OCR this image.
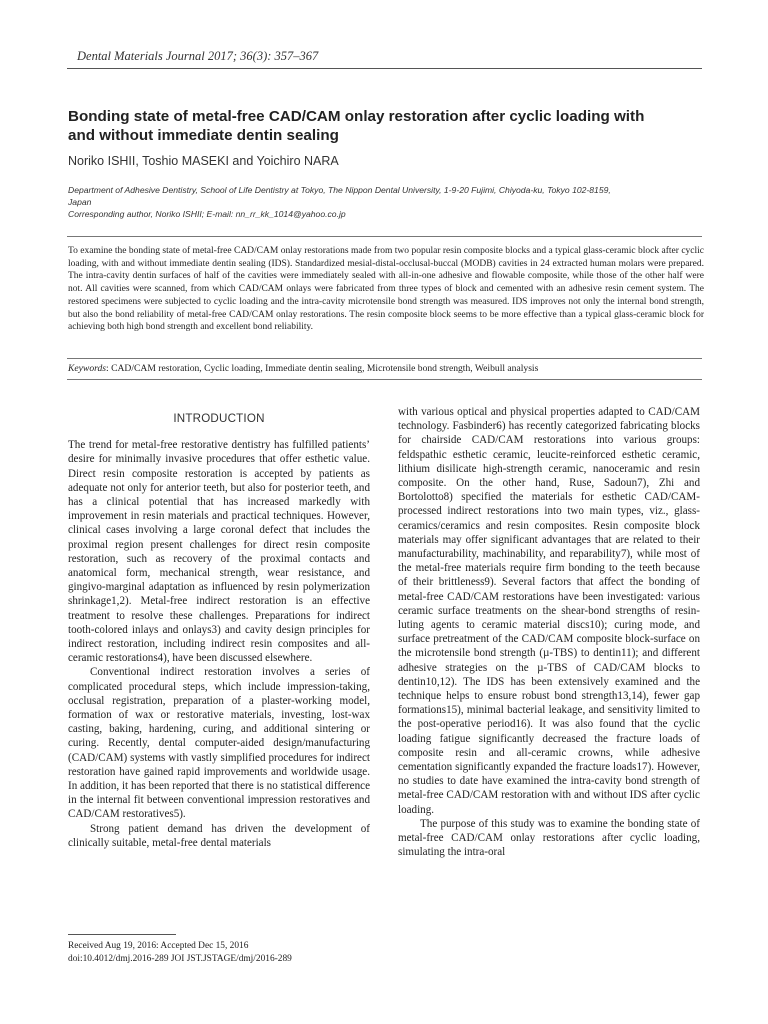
Dental Materials Journal 2017; 36(3): 357–367
Bonding state of metal-free CAD/CAM onlay restoration after cyclic loading with
and without immediate dentin sealing
Noriko ISHII, Toshio MASEKI and Yoichiro NARA
Department of Adhesive Dentistry, School of Life Dentistry at Tokyo, The Nippon Dental University, 1-9-20 Fujimi, Chiyoda-ku, Tokyo 102-8159,
Japan
Corresponding author, Noriko ISHII; E-mail: nn_rr_kk_1014@yahoo.co.jp

To examine the bonding state of metal-free CAD/CAM onlay restorations made from two popular resin composite blocks and a typical glass-ceramic block after cyclic loading, with and without immediate dentin sealing (IDS). Standardized mesial-distal-occlusal-buccal (MODB) cavities in 24 extracted human molars were prepared. The intra-cavity dentin surfaces of half of the cavities were immediately sealed with all-in-one adhesive and flowable composite, while those of the other half were not. All cavities were scanned, from which CAD/CAM onlays were fabricated from three types of block and cemented with an adhesive resin cement system. The restored specimens were subjected to cyclic loading and the intra-cavity microtensile bond strength was measured. IDS improves not only the internal bond strength, but also the bond reliability of metal-free CAD/CAM onlay restorations. The resin composite block seems to be more effective than a typical glass-ceramic block for achieving both high bond strength and excellent bond reliability.

Keywords: CAD/CAM restoration, Cyclic loading, Immediate dentin sealing, Microtensile bond strength, Weibull analysis
INTRODUCTION

The trend for metal-free restorative dentistry has fulfilled patients’ desire for minimally invasive procedures that offer esthetic value. Direct resin composite restoration is accepted by patients as adequate not only for anterior teeth, but also for posterior teeth, and has a clinical potential that has increased markedly with improvement in resin materials and practical techniques. However, clinical cases involving a large coronal defect that includes the proximal region present challenges for direct resin composite restoration, such as recovery of the proximal contacts and anatomical form, mechanical strength, wear resistance, and gingivo-marginal adaptation as influenced by resin polymerization shrinkage1,2). Metal-free indirect restoration is an effective treatment to resolve these challenges. Preparations for indirect tooth-colored inlays and onlays3) and cavity design principles for indirect restoration, including indirect resin composites and all-ceramic restorations4), have been discussed elsewhere.

Conventional indirect restoration involves a series of complicated procedural steps, which include impression-taking, occlusal registration, preparation of a plaster-working model, formation of wax or restorative materials, investing, lost-wax casting, baking, hardening, curing, and additional sintering or curing. Recently, dental computer-aided design/manufacturing (CAD/CAM) systems with vastly simplified procedures for indirect restoration have gained rapid improvements and worldwide usage. In addition, it has been reported that there is no statistical difference in the internal fit between conventional impression restoratives and CAD/CAM restoratives5).

Strong patient demand has driven the development of clinically suitable, metal-free dental materials

with various optical and physical properties adapted to CAD/CAM technology. Fasbinder6) has recently categorized fabricating blocks for chairside CAD/CAM restorations into various groups: feldspathic esthetic ceramic, leucite-reinforced esthetic ceramic, lithium disilicate high-strength ceramic, nanoceramic and resin composite. On the other hand, Ruse, Sadoun7), Zhi and Bortolotto8) specified the materials for esthetic CAD/CAM-processed indirect restorations into two main types, viz., glass-ceramics/ceramics and resin composites. Resin composite block materials may offer significant advantages that are related to their manufacturability, machinability, and reparability7), while most of the metal-free materials require firm bonding to the teeth because of their brittleness9). Several factors that affect the bonding of metal-free CAD/CAM restorations have been investigated: various ceramic surface treatments on the shear-bond strengths of resin-luting agents to ceramic material discs10); curing mode, and surface pretreatment of the CAD/CAM composite block-surface on the microtensile bond strength (µ-TBS) to dentin11); and different adhesive strategies on the µ-TBS of CAD/CAM blocks to dentin10,12). The IDS has been extensively examined and the technique helps to ensure robust bond strength13,14), fewer gap formations15), minimal bacterial leakage, and sensitivity limited to the post-operative period16). It was also found that the cyclic loading fatigue significantly decreased the fracture loads of composite resin and all-ceramic crowns, while adhesive cementation significantly expanded the fracture loads17). However, no studies to date have examined the intra-cavity bond strength of metal-free CAD/CAM restoration with and without IDS after cyclic loading.

The purpose of this study was to examine the bonding state of metal-free CAD/CAM onlay restorations after cyclic loading, simulating the intra-oral

Received Aug 19, 2016: Accepted Dec 15, 2016
doi:10.4012/dmj.2016-289 JOI JST.JSTAGE/dmj/2016-289
